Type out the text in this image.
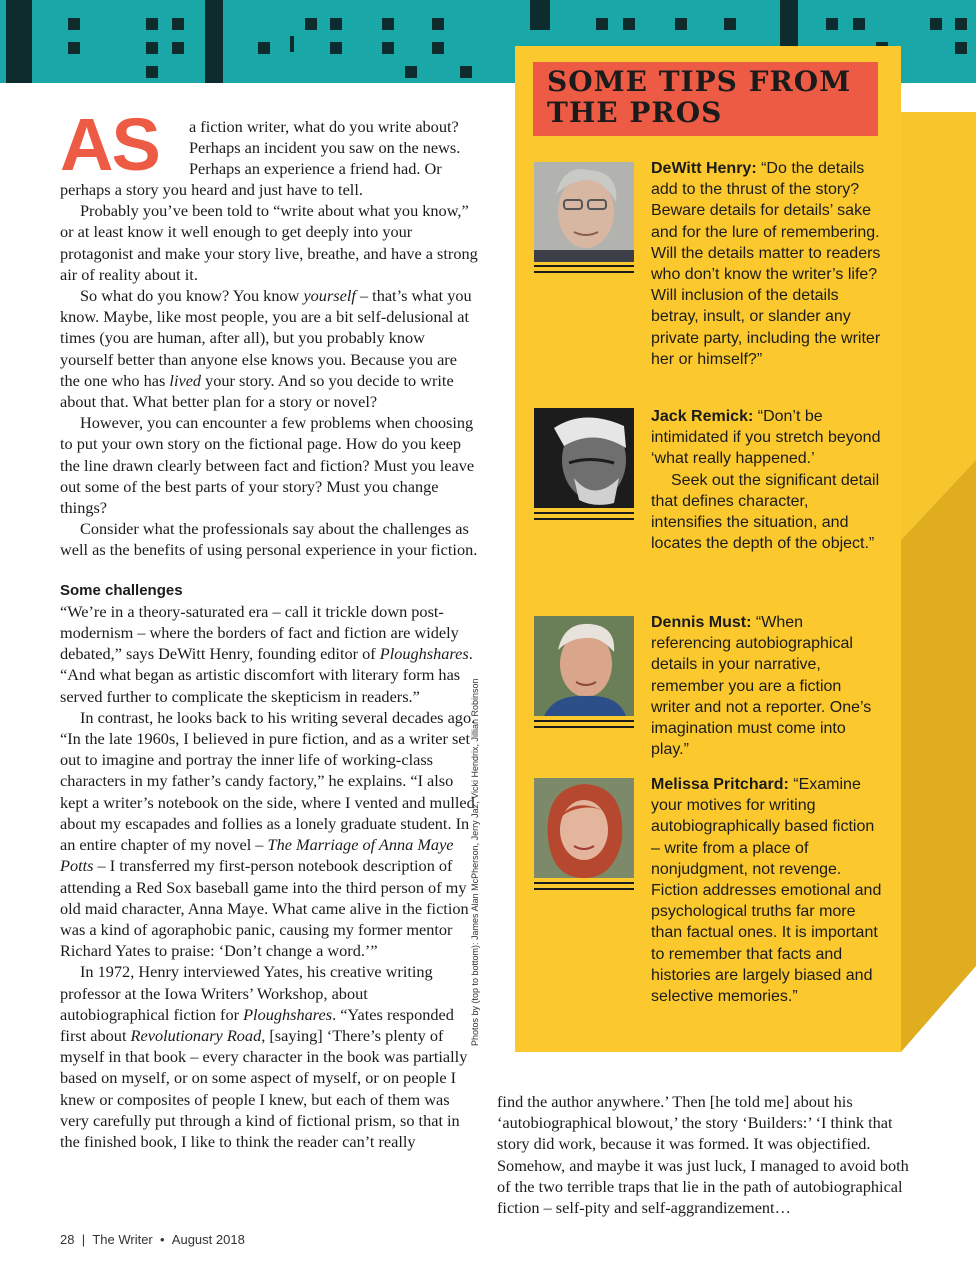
SOME TIPS FROM
THE PROS
DeWitt Henry: “Do the details add to the thrust of the story? Beware details for details’ sake and for the lure of remembering. Will the details matter to readers who don’t know the writer’s life? Will inclusion of the details betray, insult, or slander any private party, including the writer her or himself?”
Jack Remick: “Don’t be intimidated if you stretch beyond ‘what really happened.’
Seek out the significant detail that defines character, intensifies the situation, and locates the depth of the object.”
Dennis Must: “When referencing autobiographical details in your narrative, remember you are a fiction writer and not a reporter. One’s imagination must come into play.”
Melissa Pritchard: “Examine your motives for writing autobiographically based fiction – write from a place of nonjudgment, not revenge. Fiction addresses emotional and psychological truths far more than factual ones. It is important to remember that facts and histories are largely biased and selective memories.”
Photos by (top to bottom): James Alan McPherson, Jerry Jaz, Vicki Hendrix, Jillian Robinson
AS a fiction writer, what do you write about?
Perhaps an incident you saw on the news.
Perhaps an experience a friend had. Or

perhaps a story you heard and just have to tell.

Probably you’ve been told to “write about what you know,” or at least know it well enough to get deeply into your protagonist and make your story live, breathe, and have a strong air of reality about it.

So what do you know? You know yourself – that’s what you know. Maybe, like most people, you are a bit self-delusional at times (you are human, after all), but you probably know yourself better than anyone else knows you. Because you are the one who has lived your story. And so you decide to write about that. What better plan for a story or novel?

However, you can encounter a few problems when choosing to put your own story on the fictional page. How do you keep the line drawn clearly between fact and fiction? Must you leave out some of the best parts of your story? Must you change things?

Consider what the professionals say about the challenges as well as the benefits of using personal experience in your fiction.

Some challenges

“We’re in a theory-saturated era – call it trickle down post-modernism – where the borders of fact and fiction are widely debated,” says DeWitt Henry, founding editor of Ploughshares. “And what began as artistic discomfort with literary form has served further to complicate the skepticism in readers.”

In contrast, he looks back to his writing several decades ago. “In the late 1960s, I believed in pure fiction, and as a writer set out to imagine and portray the inner life of working-class characters in my father’s candy factory,” he explains. “I also kept a writer’s notebook on the side, where I vented and mulled about my escapades and follies as a lonely graduate student. In an entire chapter of my novel – The Marriage of Anna Maye Potts – I transferred my first-person notebook description of attending a Red Sox baseball game into the third person of my old maid character, Anna Maye. What came alive in the fiction was a kind of agoraphobic panic, causing my former mentor Richard Yates to praise: ‘Don’t change a word.’”

In 1972, Henry interviewed Yates, his creative writing professor at the Iowa Writers’ Workshop, about autobiographical fiction for Ploughshares. “Yates responded first about Revolutionary Road, [saying] ‘There’s plenty of myself in that book – every character in the book was partially based on myself, or on some aspect of myself, or on people I knew or composites of people I knew, but each of them was very carefully put through a kind of fictional prism, so that in the finished book, I like to think the reader can’t really

find the author anywhere.’ Then [he told me] about his ‘autobiographical blowout,’ the story ‘Builders:’ ‘I think that story did work, because it was formed. It was objectified. Somehow, and maybe it was just luck, I managed to avoid both of the two terrible traps that lie in the path of autobiographical fiction – self-pity and self-aggrandizement…

28 | The Writer • August 2018
